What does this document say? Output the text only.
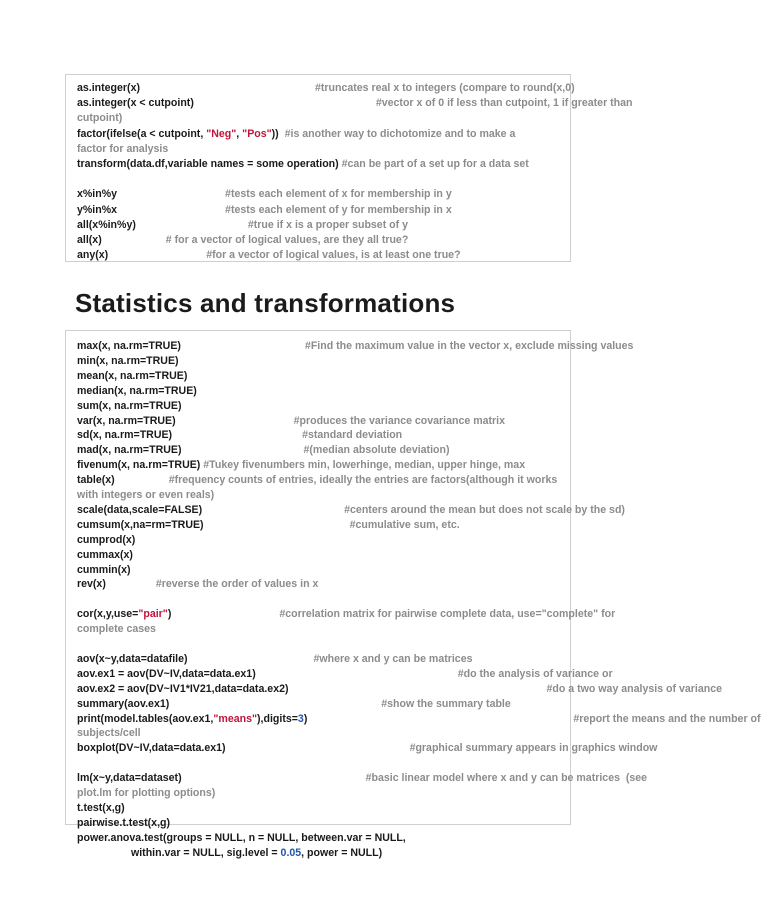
as.integer(x)	#truncates real x to integers (compare to round(x,0)
as.integer(x < cutpoint)	#vector x of 0 if less than cutpoint, 1 if greater than
cutpoint)
factor(ifelse(a < cutpoint, "Neg", "Pos"))  #is another way to dichotomize and to make a
factor for analysis
transform(data.df,variable names = some operation) #can be part of a set up for a data set
x%in%y	#tests each element of x for membership in y
y%in%x	#tests each element of y for membership in x
all(x%in%y)	#true if x is a proper subset of y
all(x)	# for a vector of logical values, are they all true?
any(x)	#for a vector of logical values, is at least one true?
Statistics and transformations
max(x, na.rm=TRUE)	#Find the maximum value in the vector x, exclude missing values
min(x, na.rm=TRUE)
mean(x, na.rm=TRUE)
median(x, na.rm=TRUE)
sum(x, na.rm=TRUE)
var(x, na.rm=TRUE)	#produces the variance covariance matrix
sd(x, na.rm=TRUE)	#standard deviation
mad(x, na.rm=TRUE)	#(median absolute deviation)
fivenum(x, na.rm=TRUE) #Tukey fivenumbers min, lowerhinge, median, upper hinge, max
table(x)	#frequency counts of entries, ideally the entries are factors(although it works
with integers or even reals)
scale(data,scale=FALSE)	#centers around the mean but does not scale by the sd)
cumsum(x,na=rm=TRUE)	#cumulative sum, etc.
cumprod(x)
cummax(x)
cummin(x)
rev(x)	#reverse the order of values in x
cor(x,y,use="pair")	#correlation matrix for pairwise complete data, use="complete" for
complete cases
aov(x~y,data=datafile)	#where x and y can be matrices
aov.ex1 = aov(DV~IV,data=data.ex1)	#do the analysis of variance or
aov.ex2 = aov(DV~IV1*IV21,data=data.ex2)	#do a two way analysis of variance
summary(aov.ex1)	#show the summary table
print(model.tables(aov.ex1,"means"),digits=3)	#report the means and the number of
subjects/cell
boxplot(DV~IV,data=data.ex1)	#graphical summary appears in graphics window
lm(x~y,data=dataset)	#basic linear model where x and y can be matrices  (see
plot.lm for plotting options)
t.test(x,g)
pairwise.t.test(x,g)
power.anova.test(groups = NULL, n = NULL, between.var = NULL,
within.var = NULL, sig.level = 0.05, power = NULL)
